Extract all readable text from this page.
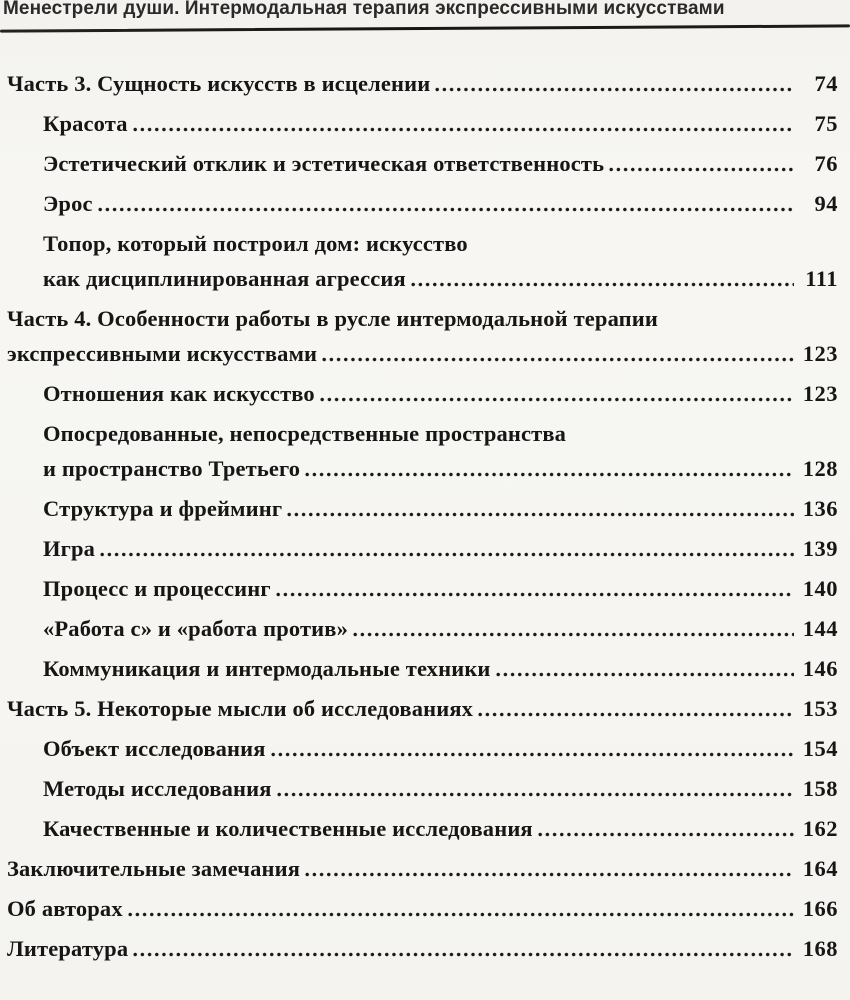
Менестрели души. Интермодальная терапия экспрессивными искусствами
Часть 3. Сущность искусств в исцелении	74
Красота	75
Эстетический отклик и эстетическая ответственность	76
Эрос	94
Топор, который построил дом: искусство
как дисциплинированная агрессия	111
Часть 4. Особенности работы в русле интермодальной терапии
экспрессивными искусствами	123
Отношения как искусство	123
Опосредованные, непосредственные пространства
и пространство Третьего	128
Структура и фрейминг	136
Игра	139
Процесс и процессинг	140
«Работа с» и «работа против»	144
Коммуникация и интермодальные техники	146
Часть 5. Некоторые мысли об исследованиях	153
Объект исследования	154
Методы исследования	158
Качественные и количественные исследования	162
Заключительные замечания	164
Об авторах	166
Литература	168
